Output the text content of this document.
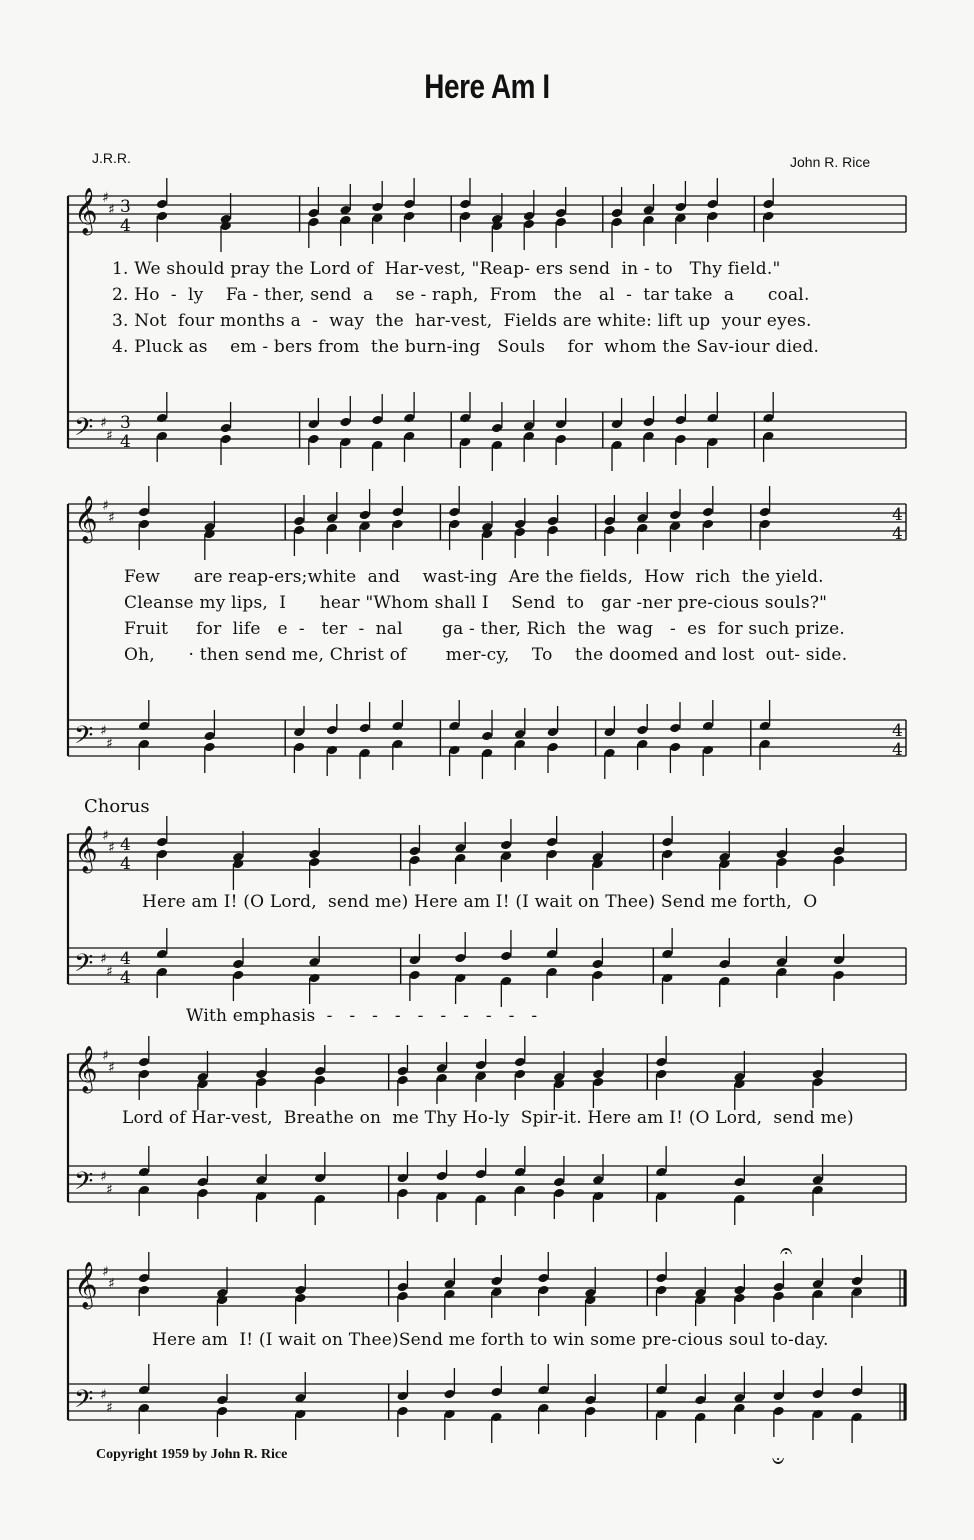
Here Am I
J.R.R.	John R. Rice
𝄞 ♯
♯
𝄢 ♯
♯
3
4
3
4
𝄞 ♯
♯
𝄢 ♯
♯
4
4
4
4
𝄞 ♯
♯
𝄢 ♯
♯
4
4
4
4
𝄞 ♯
♯
𝄢 ♯
♯
𝄞 ♯
♯
𝄢 ♯
♯
𝄐
𝄑
1. We should pray the Lord of  Har-vest, "Reap- ers send  in - to   Thy field."
2. Ho  -  ly    Fa - ther, send  a    se - raph,  From   the   al  -  tar take  a      coal.
3. Not  four months a  -  way  the  har-vest,  Fields are white: lift up  your eyes.
4. Pluck as    em - bers from  the burn-ing   Souls    for  whom the Sav-iour died.
Few      are reap-ers;white  and    wast-ing  Are the fields,  How  rich  the yield.
Cleanse my lips,  I      hear "Whom shall I    Send  to   gar -ner pre-cious souls?"
Fruit     for  life   e  -   ter  -  nal       ga - ther, Rich  the  wag   -  es  for such prize.
Oh,      · then send me, Christ of       mer-cy,    To    the doomed and lost  out- side.
Chorus
Here am I! (O Lord,  send me) Here am I! (I wait on Thee) Send me forth,  O
With emphasis  -   -   -   -   -   -   -   -   -   -
Lord of Har-vest,  Breathe on  me Thy Ho-ly  Spir-it. Here am I! (O Lord,  send me)
Here am  I! (I wait on Thee)Send me forth to win some pre-cious soul to-day.
Copyright 1959 by John R. Rice
